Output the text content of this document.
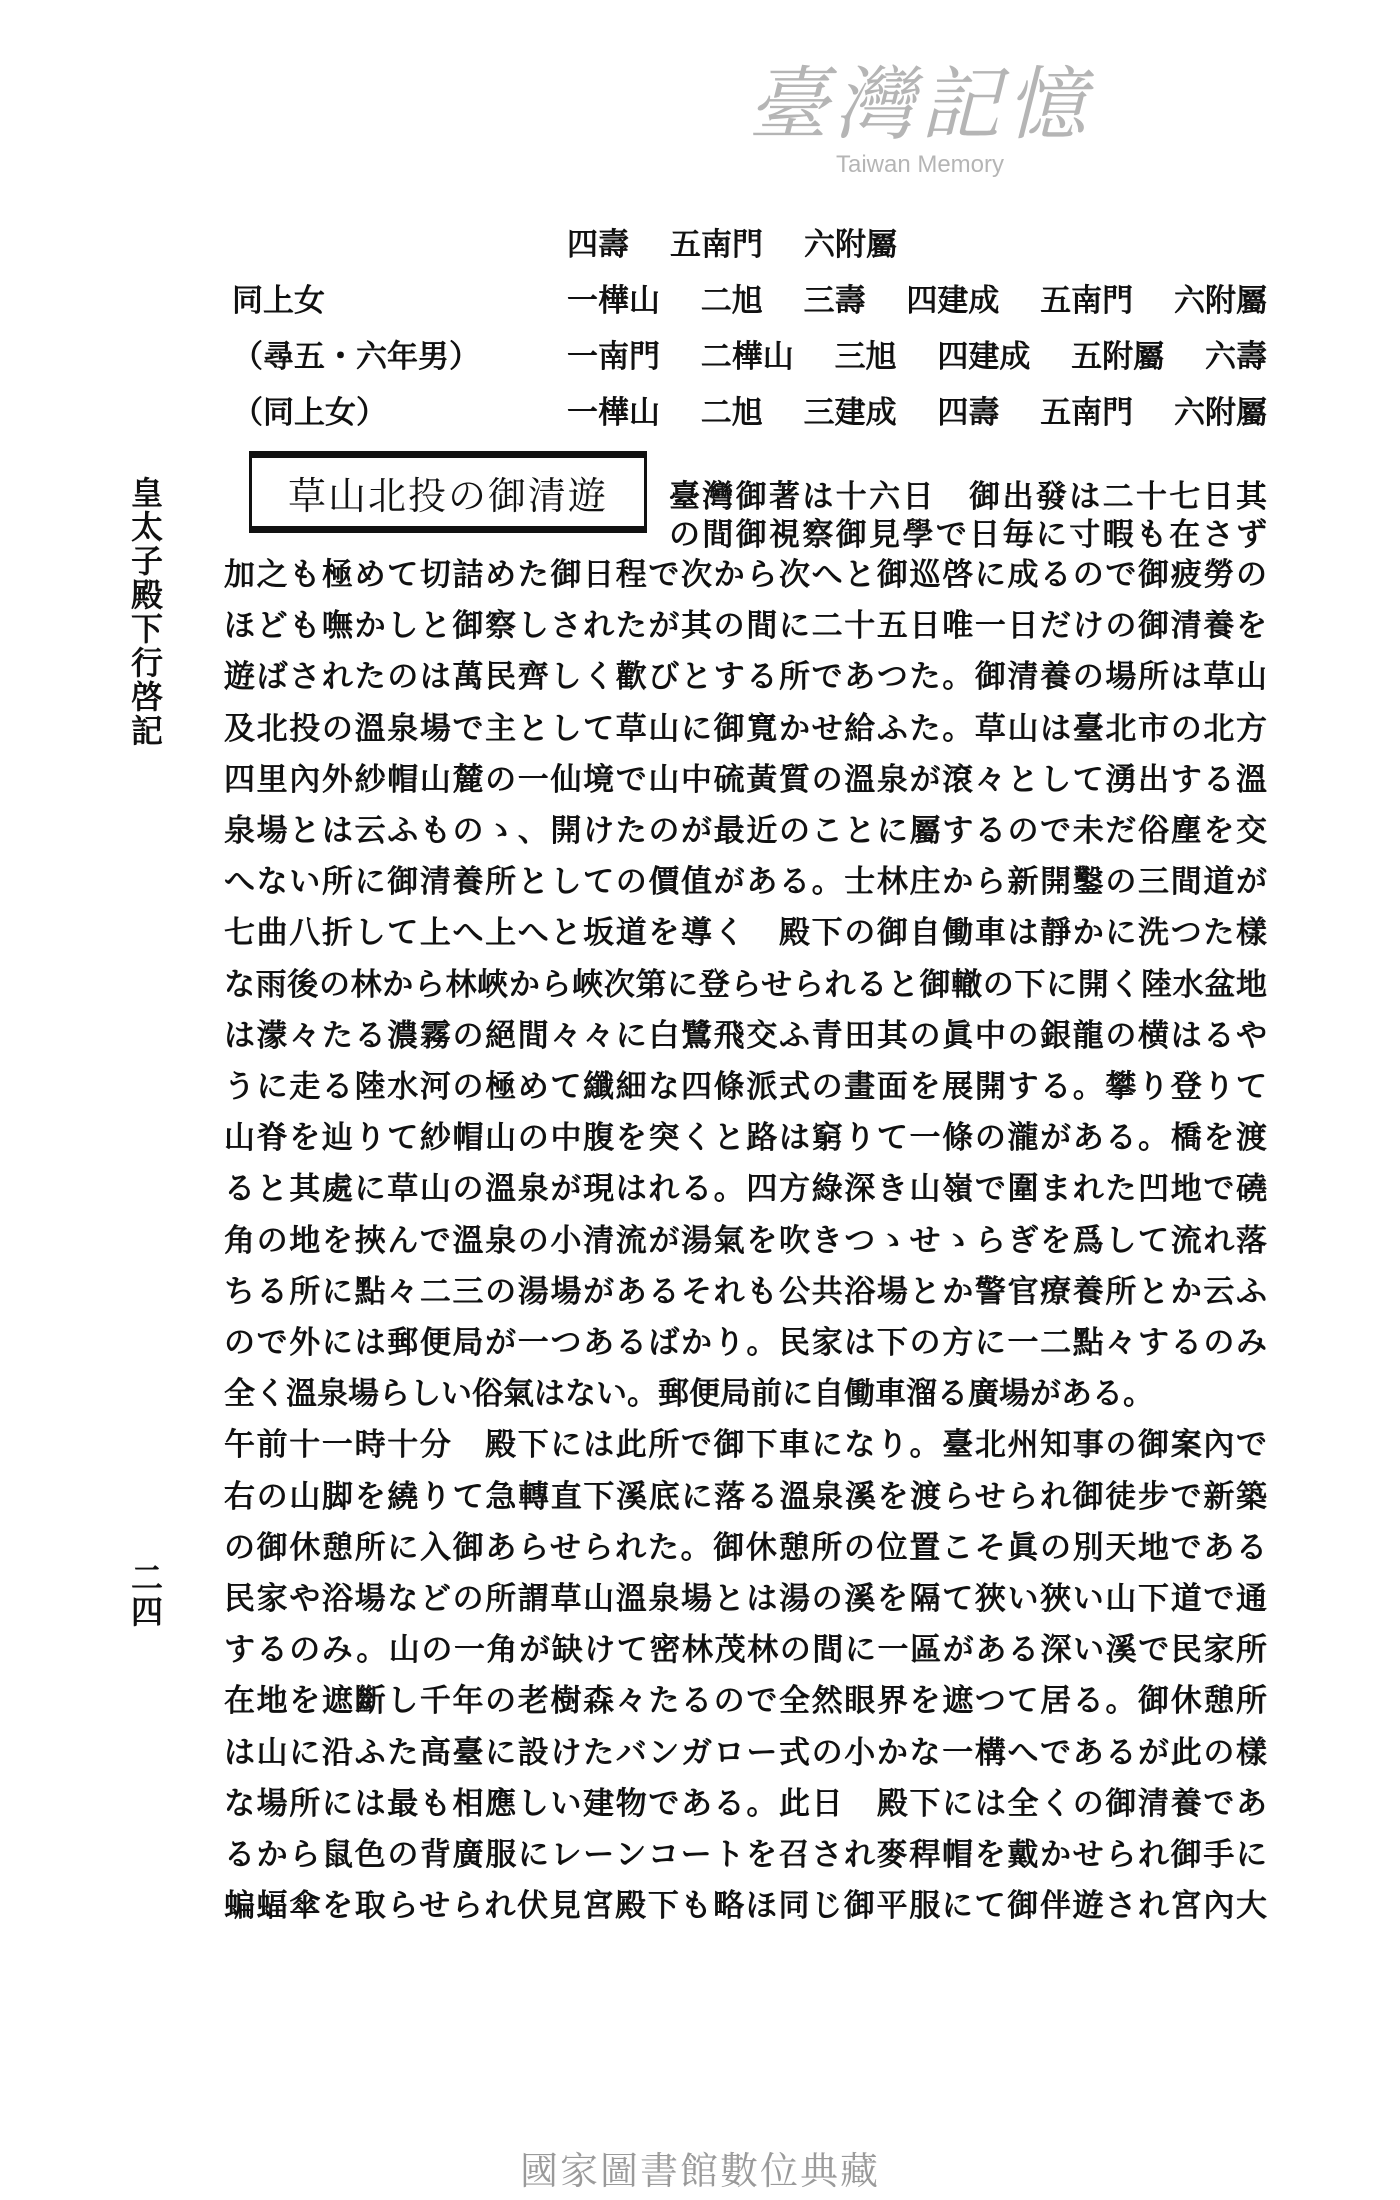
皇太子殿下行啓記
二四
四壽 五南門 六附屬
同上女	一樺山 二旭 三壽 四建成 五南門 六附屬
（尋五・六年男）	一南門 二樺山 三旭 四建成 五附屬 六壽
（同上女）	一樺山 二旭 三建成 四壽 五南門 六附屬
草山北投の御清遊 臺灣御著は十六日　御出發は二十七日其
の間御視察御見學で日毎に寸暇も在さず
加之も極めて切詰めた御日程で次から次へと御巡啓に成るので御疲勞の
ほども嘸かしと御察しされたが其の間に二十五日唯一日だけの御清養を
遊ばされたのは萬民齊しく歡びとする所であつた。御清養の場所は草山
及北投の溫泉場で主として草山に御寬かせ給ふた。草山は臺北市の北方
四里內外紗帽山麓の一仙境で山中硫黃質の溫泉が滾々として湧出する溫
泉場とは云ふものゝ、開けたのが最近のことに屬するので未だ俗塵を交
へない所に御清養所としての價值がある。士林庄から新開鑿の三間道が
七曲八折して上へ上へと坂道を導く　殿下の御自働車は靜かに洗つた樣
な雨後の林から林峽から峽次第に登らせられると御轍の下に開く陸水盆地
は濛々たる濃霧の絕間々々に白鷺飛交ふ青田其の眞中の銀龍の横はるや
うに走る陸水河の極めて纖細な四條派式の畫面を展開する。攀り登りて
山脊を辿りて紗帽山の中腹を突くと路は窮りて一條の瀧がある。橋を渡
ると其處に草山の溫泉が現はれる。四方綠深き山嶺で圍まれた凹地で磽
角の地を挾んで溫泉の小清流が湯氣を吹きつゝせゝらぎを爲して流れ落
ちる所に點々二三の湯場があるそれも公共浴場とか警官療養所とか云ふ
ので外には郵便局が一つあるばかり。民家は下の方に一二點々するのみ
全く溫泉場らしい俗氣はない。郵便局前に自働車溜る廣場がある。
午前十一時十分　殿下には此所で御下車になり。臺北州知事の御案內で
右の山脚を繞りて急轉直下溪底に落る溫泉溪を渡らせられ御徒步で新築
の御休憩所に入御あらせられた。御休憩所の位置こそ眞の別天地である
民家や浴場などの所謂草山溫泉場とは湯の溪を隔て狹い狹い山下道で通
するのみ。山の一角が缺けて密林茂林の間に一區がある深い溪で民家所
在地を遮斷し千年の老樹森々たるので全然眼界を遮つて居る。御休憩所
は山に沿ふた高臺に設けたバンガロー式の小かな一構へであるが此の樣
な場所には最も相應しい建物である。此日　殿下には全くの御清養であ
るから鼠色の背廣服にレーンコートを召され麥稈帽を戴かせられ御手に
蝙蝠傘を取らせられ伏見宮殿下も略ほ同じ御平服にて御伴遊され宮內大
臺灣記憶
Taiwan Memory
國家圖書館數位典藏
